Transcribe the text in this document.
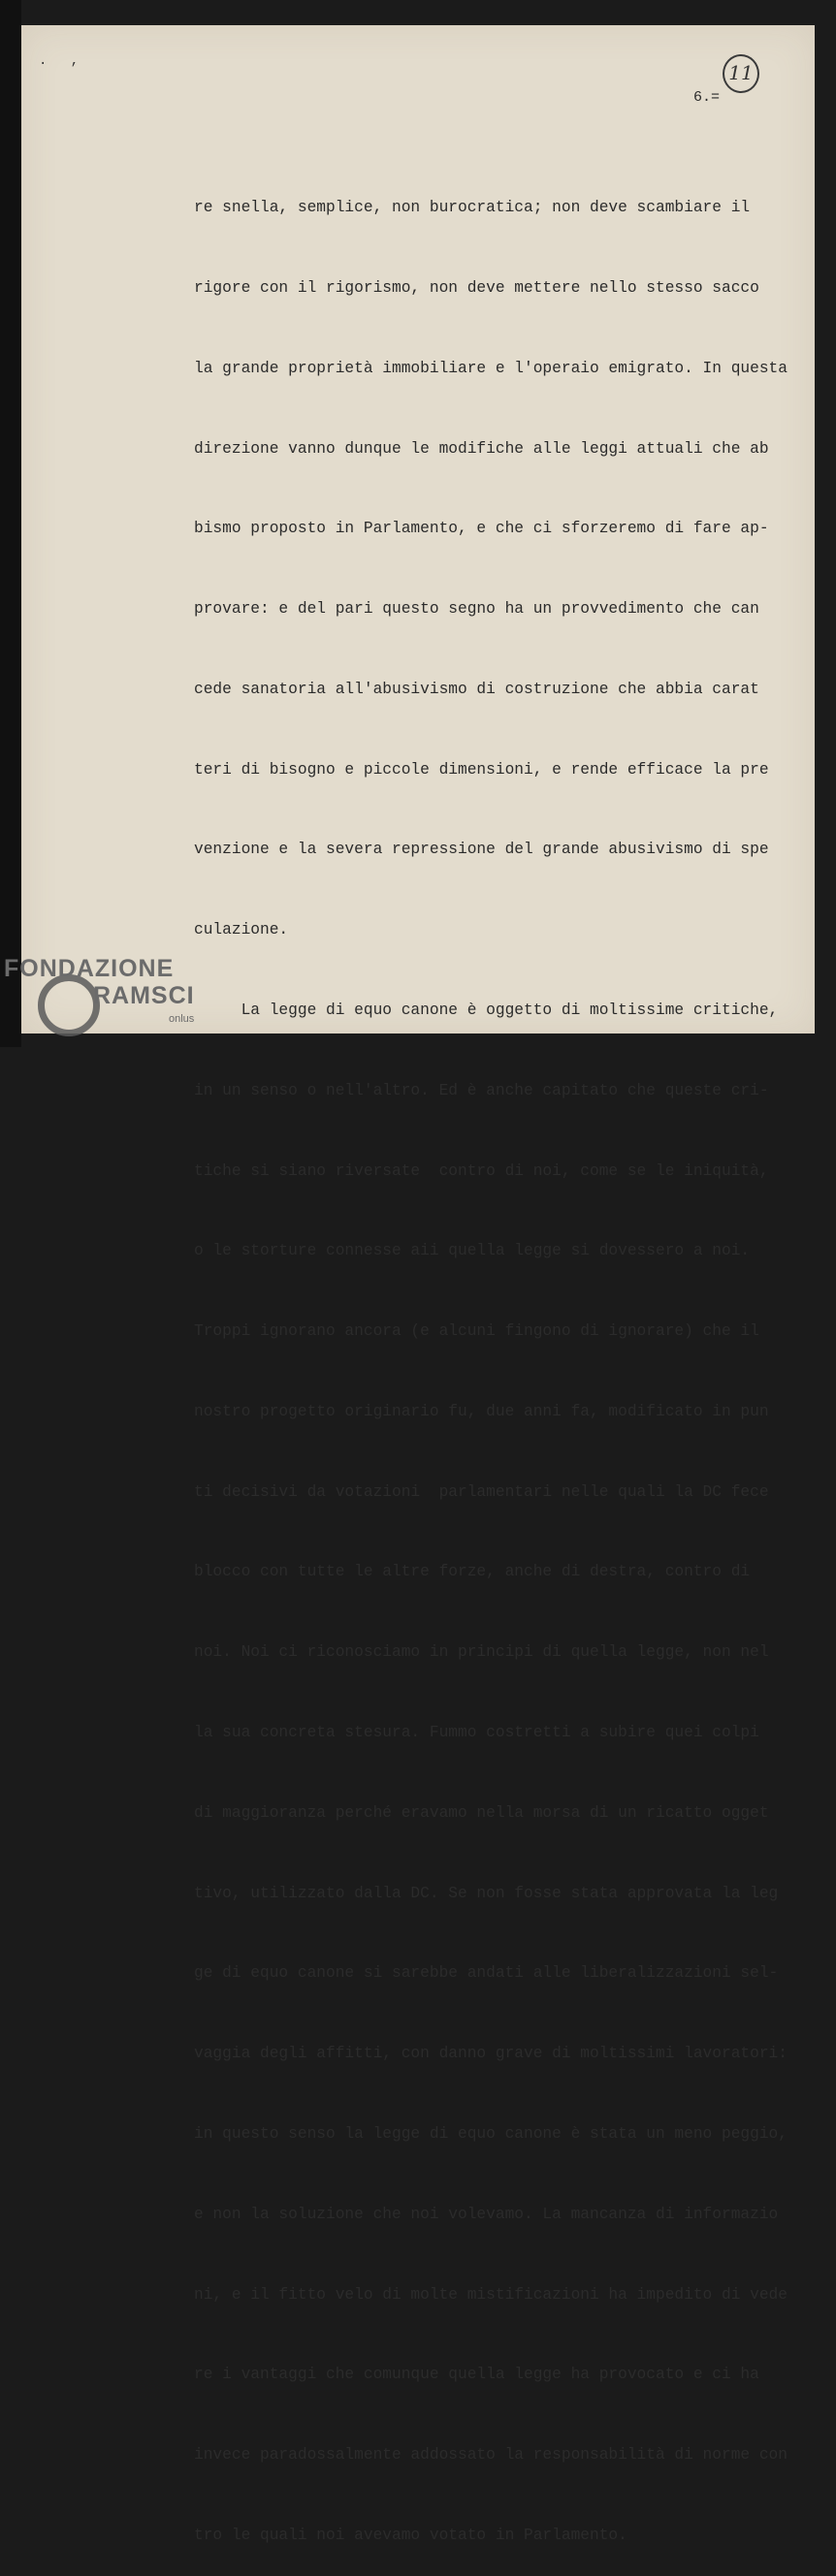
. ,	11
6.=

re snella, semplice, non burocratica; non deve scambiare il

rigore con il rigorismo, non deve mettere nello stesso sacco

la grande proprietà immobiliare e l'operaio emigrato. In questa

direzione vanno dunque le modifiche alle leggi attuali che ab

bismo proposto in Parlamento, e che ci sforzeremo di fare ap-

provare: e del pari questo segno ha un provvedimento che can

cede sanatoria all'abusivismo di costruzione che abbia carat

teri di bisogno e piccole dimensioni, e rende efficace la pre

venzione e la severa repressione del grande abusivismo di spe

culazione.

La legge di equo canone è oggetto di moltissime critiche,

in un senso o nell'altro. Ed è anche capitato che queste cri-

tiche si siano riversate  contro di noi, come se le iniquità,

o le storture connesse aii quella legge si dovessero a noi.

Troppi ignorano ancora (e alcuni fingono di ignorare) che il

nostro progetto originario fu, due anni fa, modificato in pun

ti decisivi da votazioni  parlamentari nelle quali la DC fece

blocco con tutte le altre forze, anche di destra, contro di

noi. Noi ci riconosciamo in principi di quella legge, non nel

la sua concreta stesura. Fummo costretti a subire quei colpi

di maggioranza perché eravamo nella morsa di un ricatto ogget

tivo, utilizzato dalla DC. Se non fosse stata approvata la leg

ge di equo canone si sarebbe andati alle liberalizzazioni sel-

vaggia degli affitti, con danno grave di moltissimi lavoratori:

in questo senso la legge di equo canone è stata un meno peggio,

e non la soluzione che noi volevamo. La mancanza di informazio

ni, e il fitto velo di molte mistificazioni ha impedito di vede

re i vantaggi che comunque quella legge ha provocato e ci ha

invece paradossalmente addossato la responsabilità di norme con

tro le quali noi avevamo votato in Parlamento.

FONDAZIONE
RAMSCI
onlus
